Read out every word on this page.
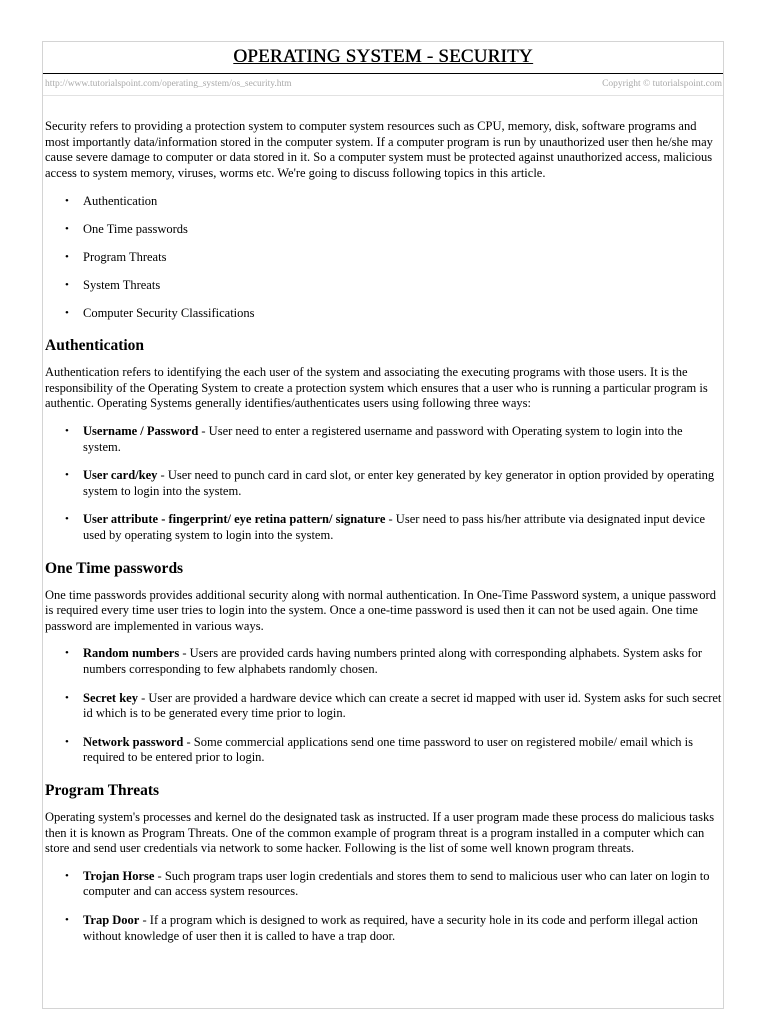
OPERATING SYSTEM - SECURITY
http://www.tutorialspoint.com/operating_system/os_security.htm	Copyright © tutorialspoint.com

Security refers to providing a protection system to computer system resources such as CPU, memory, disk, software programs and most importantly data/information stored in the computer system. If a computer program is run by unauthorized user then he/she may cause severe damage to computer or data stored in it. So a computer system must be protected against unauthorized access, malicious access to system memory, viruses, worms etc. We're going to discuss following topics in this article.

• Authentication
• One Time passwords
• Program Threats
• System Threats
• Computer Security Classifications
Authentication

Authentication refers to identifying the each user of the system and associating the executing programs with those users. It is the responsibility of the Operating System to create a protection system which ensures that a user who is running a particular program is authentic. Operating Systems generally identifies/authenticates users using following three ways:

• Username / Password - User need to enter a registered username and password with Operating system to login into the system.
• User card/key - User need to punch card in card slot, or enter key generated by key generator in option provided by operating system to login into the system.
• User attribute - fingerprint/ eye retina pattern/ signature - User need to pass his/her attribute via designated input device used by operating system to login into the system.
One Time passwords

One time passwords provides additional security along with normal authentication. In One-Time Password system, a unique password is required every time user tries to login into the system. Once a one-time password is used then it can not be used again. One time password are implemented in various ways.

• Random numbers - Users are provided cards having numbers printed along with corresponding alphabets. System asks for numbers corresponding to few alphabets randomly chosen.
• Secret key - User are provided a hardware device which can create a secret id mapped with user id. System asks for such secret id which is to be generated every time prior to login.
• Network password - Some commercial applications send one time password to user on registered mobile/ email which is required to be entered prior to login.
Program Threats

Operating system's processes and kernel do the designated task as instructed. If a user program made these process do malicious tasks then it is known as Program Threats. One of the common example of program threat is a program installed in a computer which can store and send user credentials via network to some hacker. Following is the list of some well known program threats.

• Trojan Horse - Such program traps user login credentials and stores them to send to malicious user who can later on login to computer and can access system resources.
• Trap Door - If a program which is designed to work as required, have a security hole in its code and perform illegal action without knowledge of user then it is called to have a trap door.
